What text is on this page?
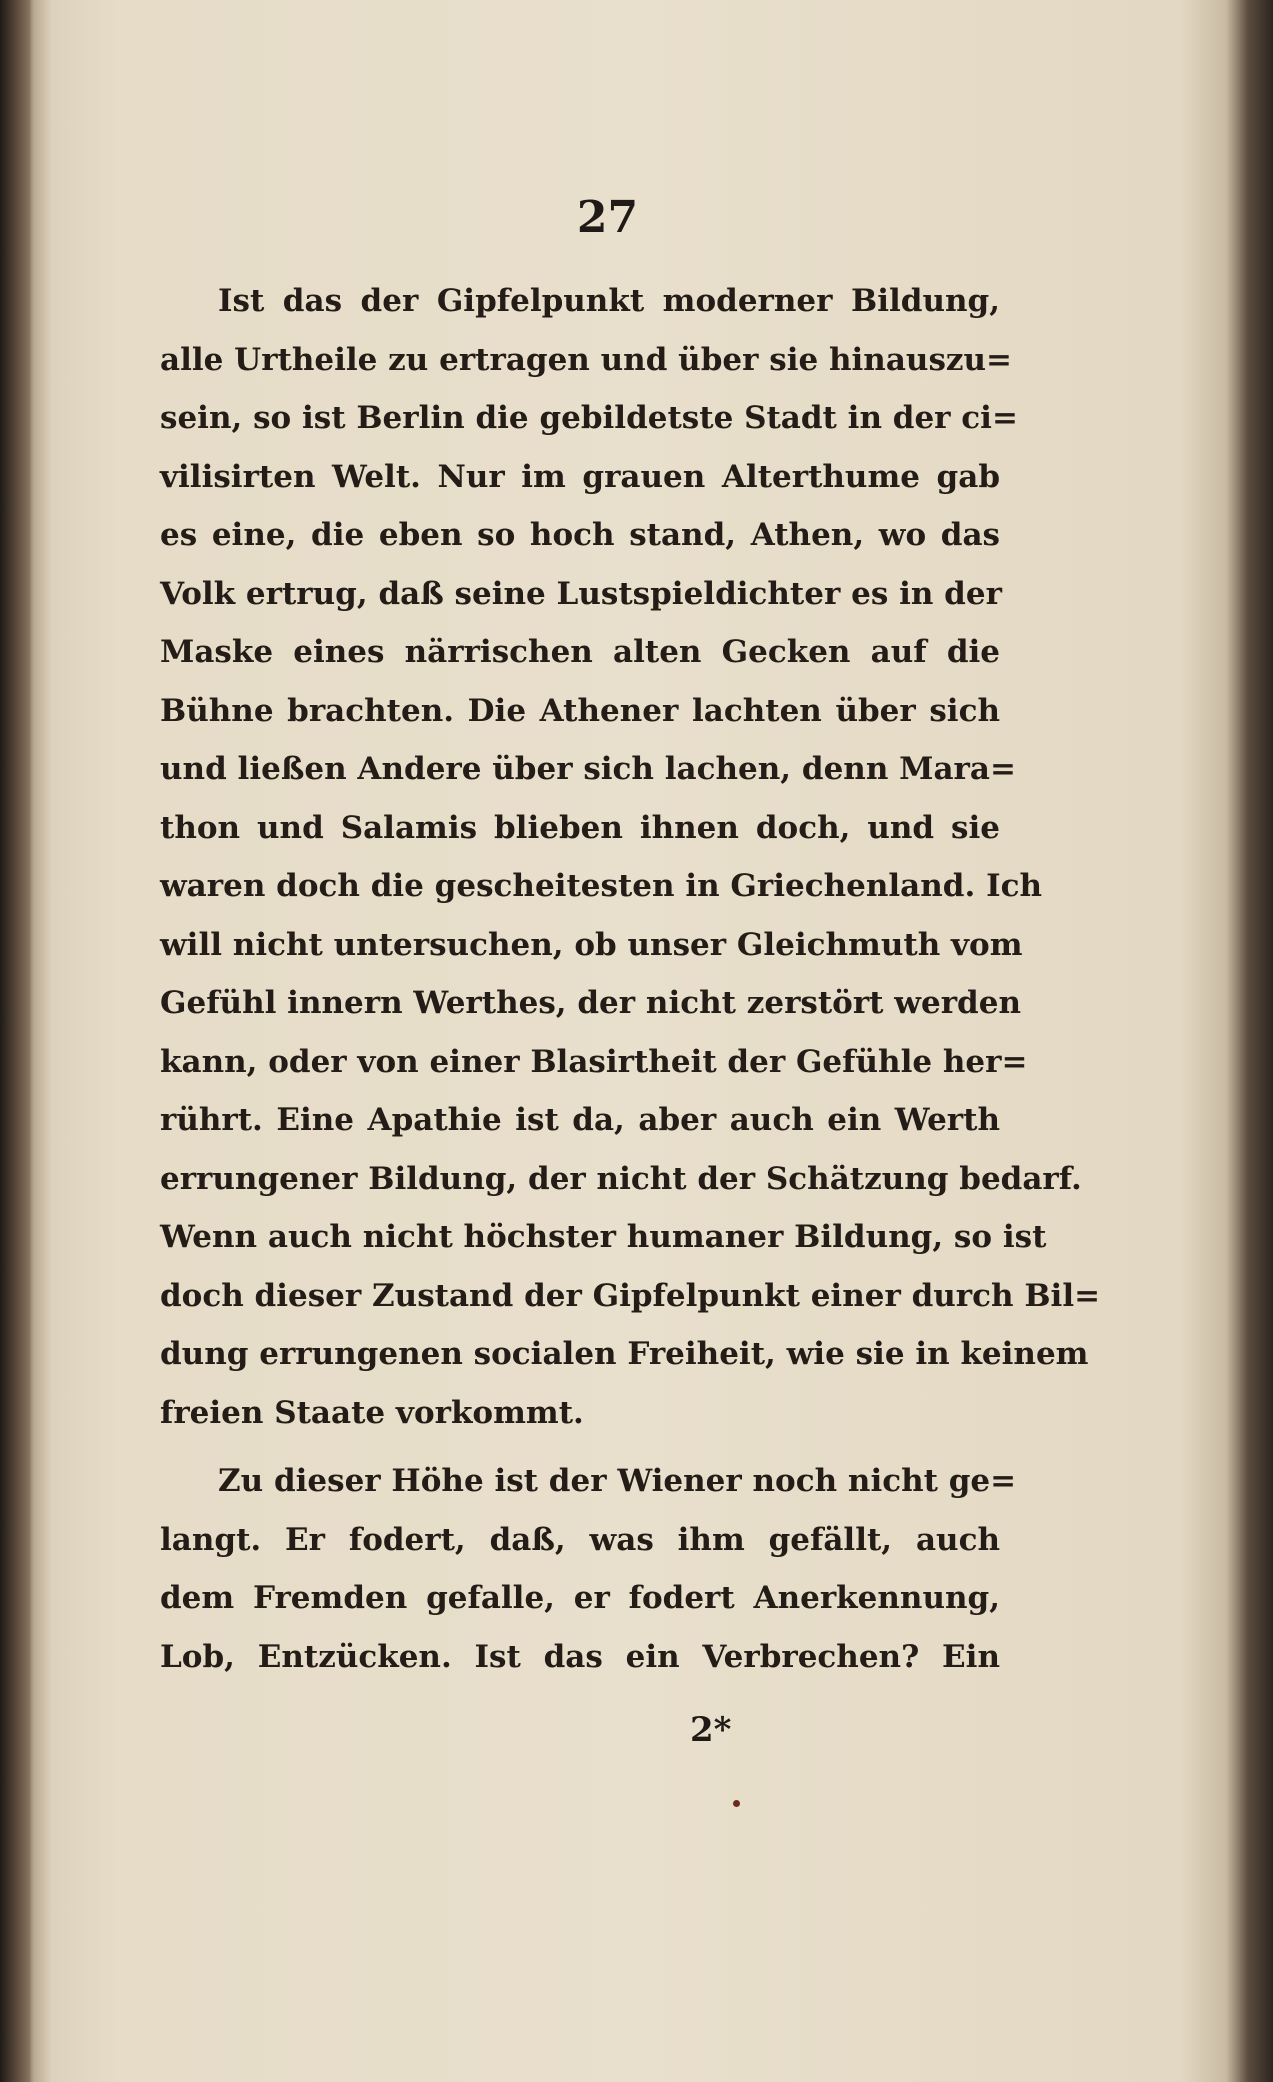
27
Ist das der Gipfelpunkt moderner Bildung,
alle Urtheile zu ertragen und über sie hinauszu=
sein, so ist Berlin die gebildetste Stadt in der ci=
vilisirten Welt. Nur im grauen Alterthume gab
es eine, die eben so hoch stand, Athen, wo das
Volk ertrug, daß seine Lustspieldichter es in der
Maske eines närrischen alten Gecken auf die
Bühne brachten. Die Athener lachten über sich
und ließen Andere über sich lachen, denn Mara=
thon und Salamis blieben ihnen doch, und sie
waren doch die gescheitesten in Griechenland. Ich
will nicht untersuchen, ob unser Gleichmuth vom
Gefühl innern Werthes, der nicht zerstört werden
kann, oder von einer Blasirtheit der Gefühle her=
rührt. Eine Apathie ist da, aber auch ein Werth
errungener Bildung, der nicht der Schätzung bedarf.
Wenn auch nicht höchster humaner Bildung, so ist
doch dieser Zustand der Gipfelpunkt einer durch Bil=
dung errungenen socialen Freiheit, wie sie in keinem
freien Staate vorkommt.
Zu dieser Höhe ist der Wiener noch nicht ge=
langt. Er fodert, daß, was ihm gefällt, auch
dem Fremden gefalle, er fodert Anerkennung,
Lob, Entzücken. Ist das ein Verbrechen? Ein
2*
